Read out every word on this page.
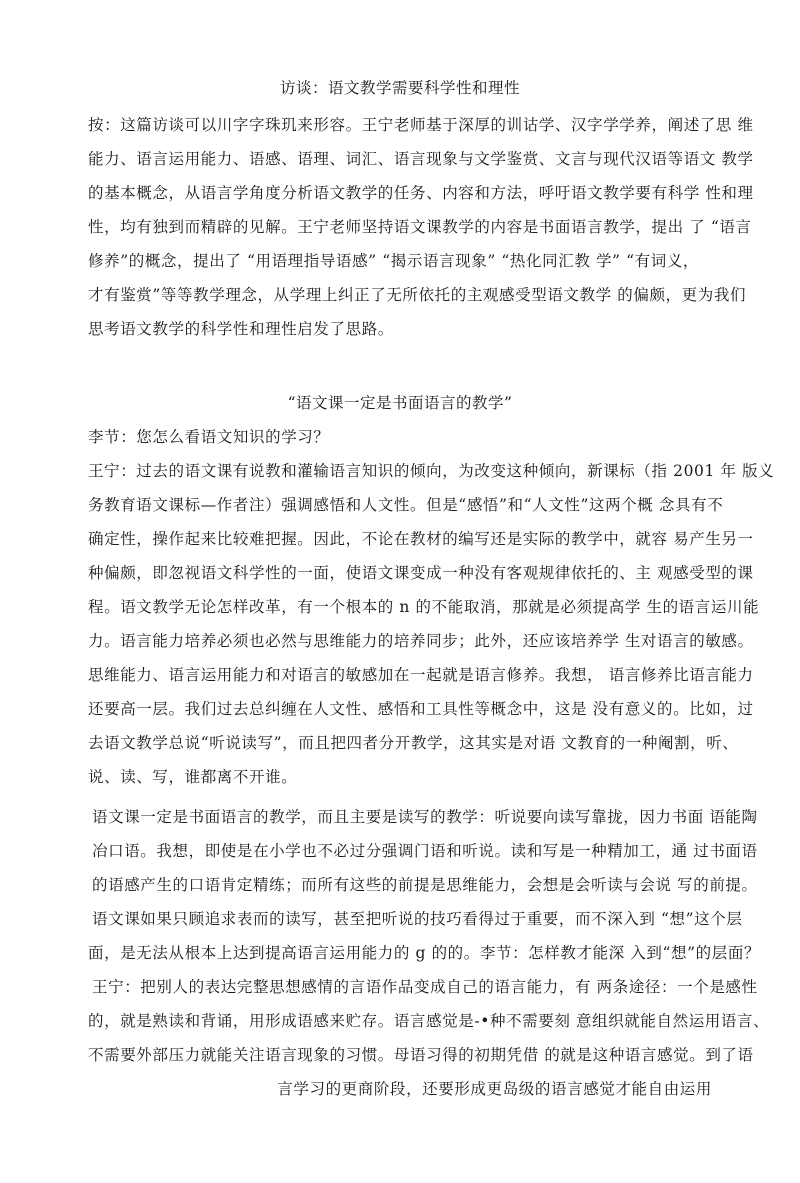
访谈：语文教学需要科学性和理性
按：这篇访谈可以川字字珠玑来形容。王宁老师基于深厚的训诂学、汉字学学养，阐述了思 维
能力、语言运用能力、语感、语理、词汇、语言现象与文学鉴赏、文言与现代汉语等语文 教学
的基本概念，从语言学角度分析语文教学的任务、内容和方法，呼吁语文教学要有科学 性和理
性，均有独到而精辟的见解。王宁老师坚持语文课教学的内容是书面语言教学，提出 了 “语言
修养”的概念，提出了 “用语理指导语感” “揭示语言现象” “热化同汇教 学” “有词义，
才有鉴赏”等等教学理念，从学理上纠正了无所依托的主观感受型语文教学 的偏颇，更为我们
思考语文教学的科学性和理性启发了思路。
“语文课一定是书面语言的教学”
李节：您怎么看语文知识的学习？
王宁：过去的语文课有说教和灌输语言知识的倾向，为改变这种倾向，新课标（指 2001 年 版义
务教育语文课标—作者注）强调感悟和人文性。但是“感悟”和“人文性”这两个概 念具有不
确定性，操作起来比较难把握。因此，不论在教材的编写还是实际的教学中，就容 易产生另一
种偏颇，即忽视语文科学性的一面，使语文课变成一种没有客观规律依托的、主 观感受型的课
程。语文教学无论怎样改革，有一个根本的 n 的不能取消，那就是必须提高学 生的语言运川能
力。语言能力培养必须也必然与思维能力的培养同步；此外，还应该培养学 生对语言的敏感。
思维能力、语言运用能力和对语言的敏感加在一起就是语言修养。我想， 语言修养比语言能力
还要高一层。我们过去总纠缠在人文性、感悟和工具性等概念中，这是 没有意义的。比如，过
去语文教学总说“听说读写”，而且把四者分开教学，这其实是对语 文教育的一种阉割，听、
说、读、写，谁都离不开谁。
语文课一定是书面语言的教学，而且主要是读写的教学：听说要向读写靠拢，因力书面 语能陶
冶口语。我想，即使是在小学也不必过分强调门语和听说。读和写是一种精加工，通 过书面语
的语感产生的口语肯定精练；而所有这些的前提是思维能力，会想是会听读与会说 写的前提。
语文课如果只顾追求表而的读写，甚至把听说的技巧看得过于重要，而不深入到 “想”这个层
面，是无法从根本上达到提高语言运用能力的 g 的的。李节：怎样教才能深 入到“想”的层面？
王宁：把别人的表达完整思想感情的言语作品变成自己的语言能力，有 两条途径：一个是感性
的，就是熟读和背诵，用形成语感来贮存。语言感觉是-•种不需要刻 意组织就能自然运用语言、
不需要外部压力就能关注语言现象的习惯。母语习得的初期凭借 的就是这种语言感觉。到了语
言学习的更商阶段，还要形成更岛级的语言感觉才能自由运用
